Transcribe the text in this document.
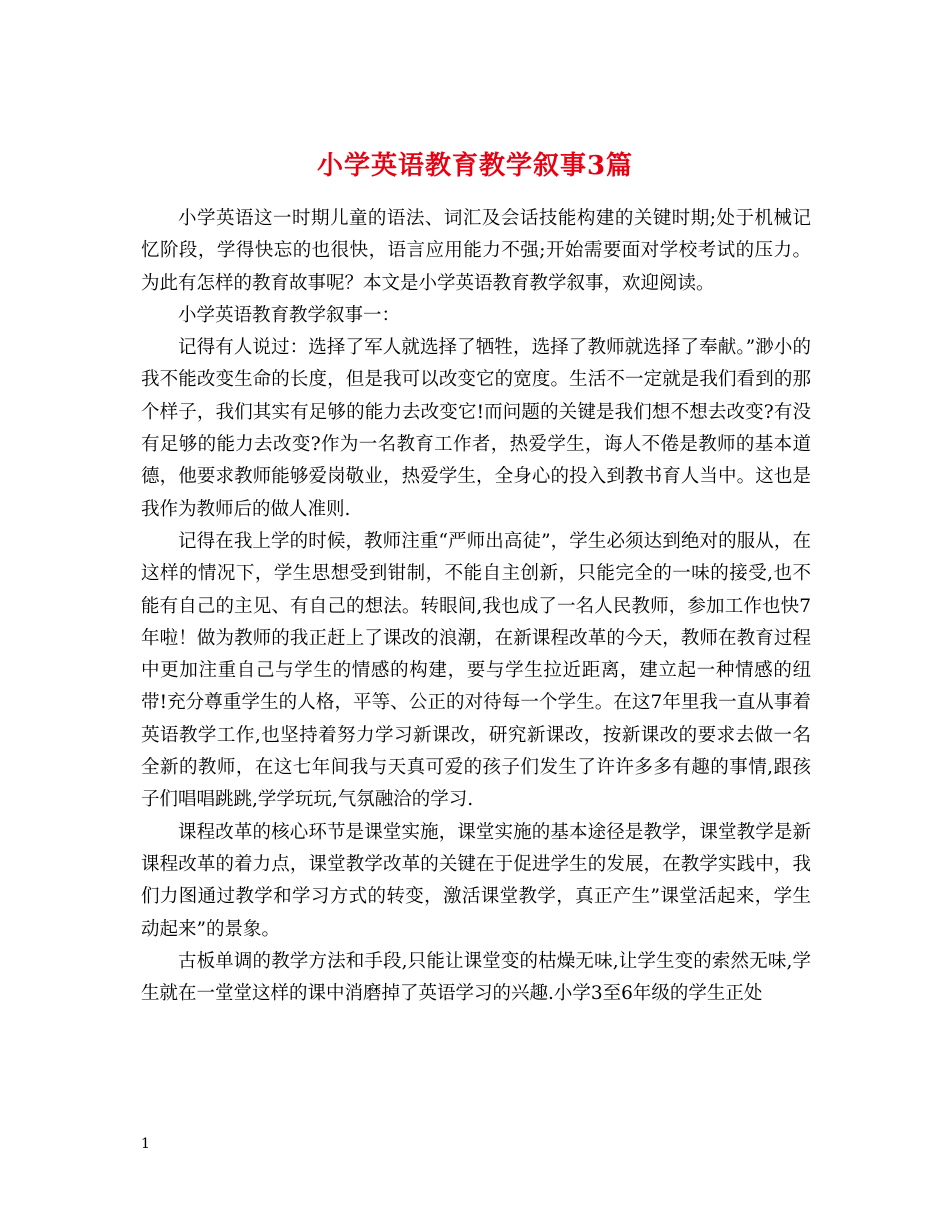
小学英语教育教学叙事3篇

小学英语这一时期儿童的语法、词汇及会话技能构建的关键时期;处于机械记忆阶段，学得快忘的也很快，语言应用能力不强;开始需要面对学校考试的压力。为此有怎样的教育故事呢？本文是小学英语教育教学叙事，欢迎阅读。

小学英语教育教学叙事一：

记得有人说过：选择了军人就选择了牺牲，选择了教师就选择了奉献。”渺小的我不能改变生命的长度，但是我可以改变它的宽度。生活不一定就是我们看到的那个样子，我们其实有足够的能力去改变它!而问题的关键是我们想不想去改变?有没有足够的能力去改变?作为一名教育工作者，热爱学生，诲人不倦是教师的基本道德，他要求教师能够爱岗敬业，热爱学生，全身心的投入到教书育人当中。这也是我作为教师后的做人准则.

记得在我上学的时候，教师注重“严师出高徒”，学生必须达到绝对的服从，在这样的情况下，学生思想受到钳制，不能自主创新，只能完全的一味的接受,也不能有自己的主见、有自己的想法。转眼间,我也成了一名人民教师，参加工作也快7年啦！做为教师的我正赶上了课改的浪潮，在新课程改革的今天，教师在教育过程中更加注重自己与学生的情感的构建，要与学生拉近距离，建立起一种情感的纽带!充分尊重学生的人格，平等、公正的对待每一个学生。在这7年里我一直从事着英语教学工作,也坚持着努力学习新课改，研究新课改，按新课改的要求去做一名全新的教师，在这七年间我与天真可爱的孩子们发生了许许多多有趣的事情,跟孩子们唱唱跳跳,学学玩玩,气氛融洽的学习.

课程改革的核心环节是课堂实施，课堂实施的基本途径是教学，课堂教学是新课程改革的着力点，课堂教学改革的关键在于促进学生的发展，在教学实践中，我们力图通过教学和学习方式的转变，激活课堂教学，真正产生”课堂活起来，学生动起来”的景象。

古板单调的教学方法和手段,只能让课堂变的枯燥无味,让学生变的索然无味,学生就在一堂堂这样的课中消磨掉了英语学习的兴趣.小学3至6年级的学生正处

1
